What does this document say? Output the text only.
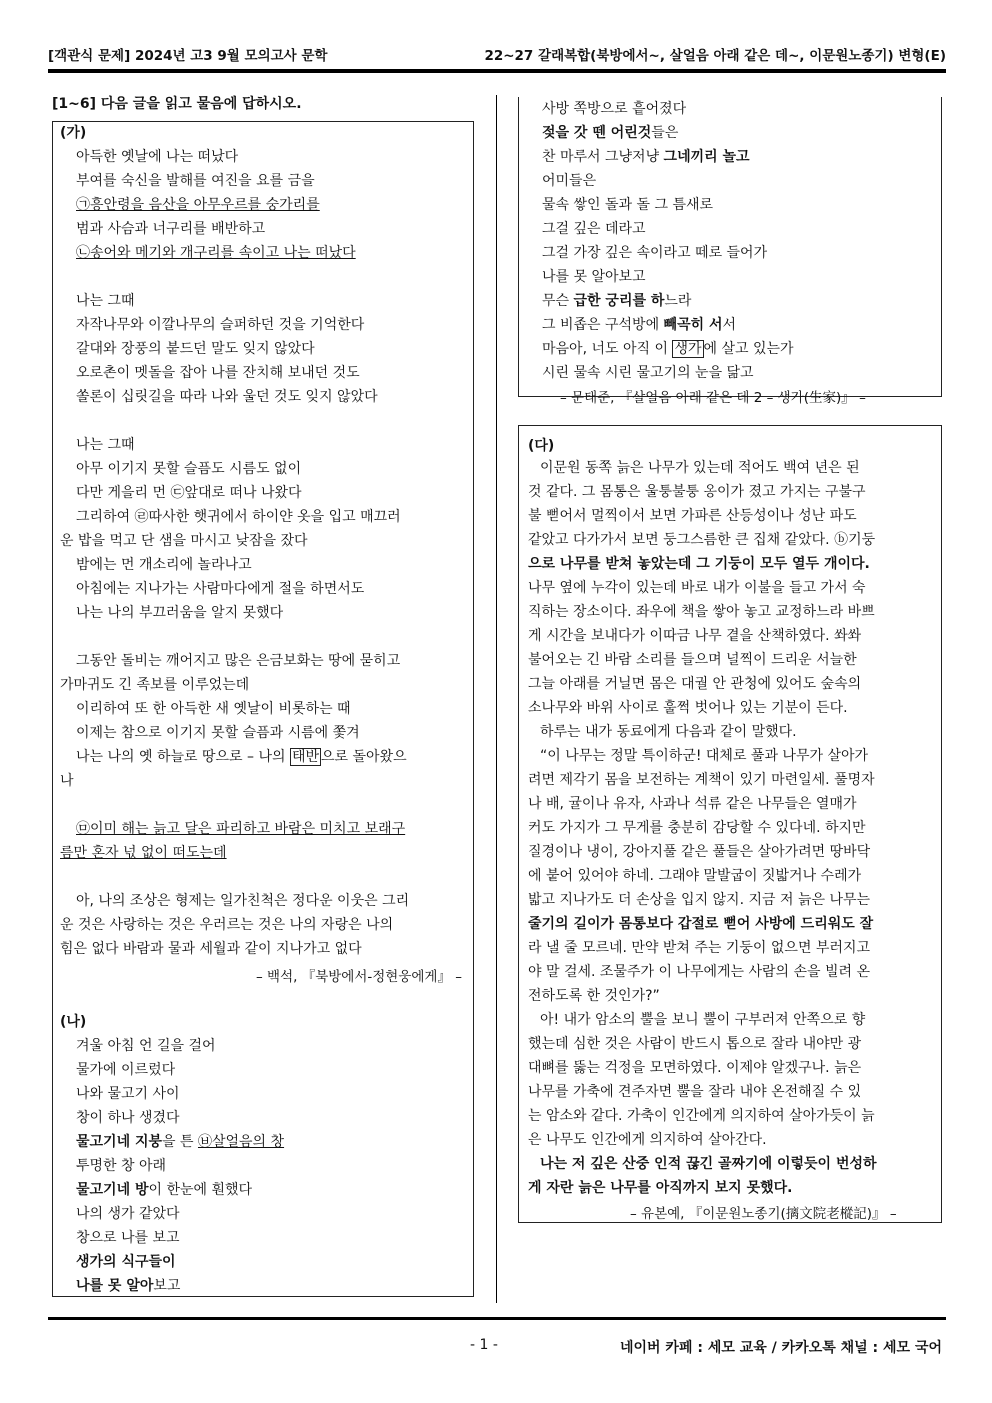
[객관식 문제] 2024년 고3 9월 모의고사 문학	22~27 갈래복합(북방에서~, 살얼음 아래 같은 데~, 이문원노종기) 변형(E)
[1~6] 다음 글을 읽고 물음에 답하시오.
(가)
아득한 옛날에 나는 떠났다
부여를 숙신을 발해를 여진을 요를 금을
㉠흥안령을 음산을 아무우르를 숭가리를
범과 사슴과 너구리를 배반하고
㉡송어와 메기와 개구리를 속이고 나는 떠났다
나는 그때
자작나무와 이깔나무의 슬퍼하던 것을 기억한다
갈대와 장풍의 붙드던 말도 잊지 않았다
오로촌이 멧돌을 잡아 나를 잔치해 보내던 것도
쏠론이 십릿길을 따라 나와 울던 것도 잊지 않았다
나는 그때
아무 이기지 못할 슬픔도 시름도 없이
다만 게을리 먼 ㉢앞대로 떠나 나왔다
그리하여 ㉣따사한 햇귀에서 하이얀 옷을 입고 매끄러
운 밥을 먹고 단 샘을 마시고 낮잠을 잤다
밤에는 먼 개소리에 놀라나고
아침에는 지나가는 사람마다에게 절을 하면서도
나는 나의 부끄러움을 알지 못했다
그동안 돌비는 깨어지고 많은 은금보화는 땅에 묻히고
가마귀도 긴 족보를 이루었는데
이리하여 또 한 아득한 새 옛날이 비롯하는 때
이제는 참으로 이기지 못할 슬픔과 시름에 쫓겨
나는 나의 옛 하늘로 땅으로 – 나의 태반 으로 돌아왔으
나
㉤이미 해는 늙고 달은 파리하고 바람은 미치고 보래구
름만 혼자 넋 없이 떠도는데
아, 나의 조상은 형제는 일가친척은 정다운 이웃은 그리
운 것은 사랑하는 것은 우러르는 것은 나의 자랑은 나의
힘은 없다 바람과 물과 세월과 같이 지나가고 없다
– 백석, 『북방에서-정현웅에게』 –
(나)
겨울 아침 언 길을 걸어
물가에 이르렀다
나와 물고기 사이
창이 하나 생겼다
물고기네 지붕을 튼 ㉥살얼음의 창
투명한 창 아래
물고기네 방이 한눈에 훤했다
나의 생가 같았다
창으로 나를 보고
생가의 식구들이
나를 못 알아보고
사방 쪽방으로 흩어졌다
젖을 갓 뗀 어린것들은
찬 마루서 그냥저냥 그네끼리 놀고
어미들은
물속 쌓인 돌과 돌 그 틈새로
그걸 깊은 데라고
그걸 가장 깊은 속이라고 떼로 들어가
나를 못 알아보고
무슨 급한 궁리를 하느라
그 비좁은 구석방에 빼곡히 서서
마음아, 너도 아직 이 생가 에 살고 있는가
시린 물속 시린 물고기의 눈을 닮고
– 문태준, 『살얼음 아래 같은 데 2 – 생가(生家)』 –
(다)
이문원 동쪽 늙은 나무가 있는데 적어도 백여 년은 된
것 같다. 그 몸통은 울퉁불퉁 옹이가 졌고 가지는 구불구
불 뻗어서 멀찍이서 보면 가파른 산등성이나 성난 파도
같았고 다가가서 보면 둥그스름한 큰 집채 같았다. ⓑ기둥
으로 나무를 받쳐 놓았는데 그 기둥이 모두 열두 개이다.
나무 옆에 누각이 있는데 바로 내가 이불을 들고 가서 숙
직하는 장소이다. 좌우에 책을 쌓아 놓고 교정하느라 바쁘
게 시간을 보내다가 이따금 나무 곁을 산책하였다. 쏴쏴
불어오는 긴 바람 소리를 들으며 널찍이 드리운 서늘한
그늘 아래를 거닐면 몸은 대궐 안 관청에 있어도 숲속의
소나무와 바위 사이로 훌쩍 벗어나 있는 기분이 든다.
하루는 내가 동료에게 다음과 같이 말했다.
“이 나무는 정말 특이하군! 대체로 풀과 나무가 살아가
려면 제각기 몸을 보전하는 계책이 있기 마련일세. 풀명자
나 배, 귤이나 유자, 사과나 석류 같은 나무들은 열매가
커도 가지가 그 무게를 충분히 감당할 수 있다네. 하지만
질경이나 냉이, 강아지풀 같은 풀들은 살아가려면 땅바닥
에 붙어 있어야 하네. 그래야 말발굽이 짓밟거나 수레가
밟고 지나가도 더 손상을 입지 않지. 지금 저 늙은 나무는
줄기의 길이가 몸통보다 갑절로 뻗어 사방에 드리워도 잘
라 낼 줄 모르네. 만약 받쳐 주는 기둥이 없으면 부러지고
야 말 걸세. 조물주가 이 나무에게는 사람의 손을 빌려 온
전하도록 한 것인가?”
아! 내가 암소의 뿔을 보니 뿔이 구부러져 안쪽으로 향
했는데 심한 것은 사람이 반드시 톱으로 잘라 내야만 광
대뼈를 뚫는 걱정을 모면하였다. 이제야 알겠구나. 늙은
나무를 가축에 견주자면 뿔을 잘라 내야 온전해질 수 있
는 암소와 같다. 가축이 인간에게 의지하여 살아가듯이 늙
은 나무도 인간에게 의지하여 살아간다.
나는 저 깊은 산중 인적 끊긴 골짜기에 이렇듯이 번성하
게 자란 늙은 나무를 아직까지 보지 못했다.
– 유본예, 『이문원노종기(摛文院老樅記)』 –
- 1 -	네이버 카페 : 세모 교육 / 카카오톡 채널 : 세모 국어
